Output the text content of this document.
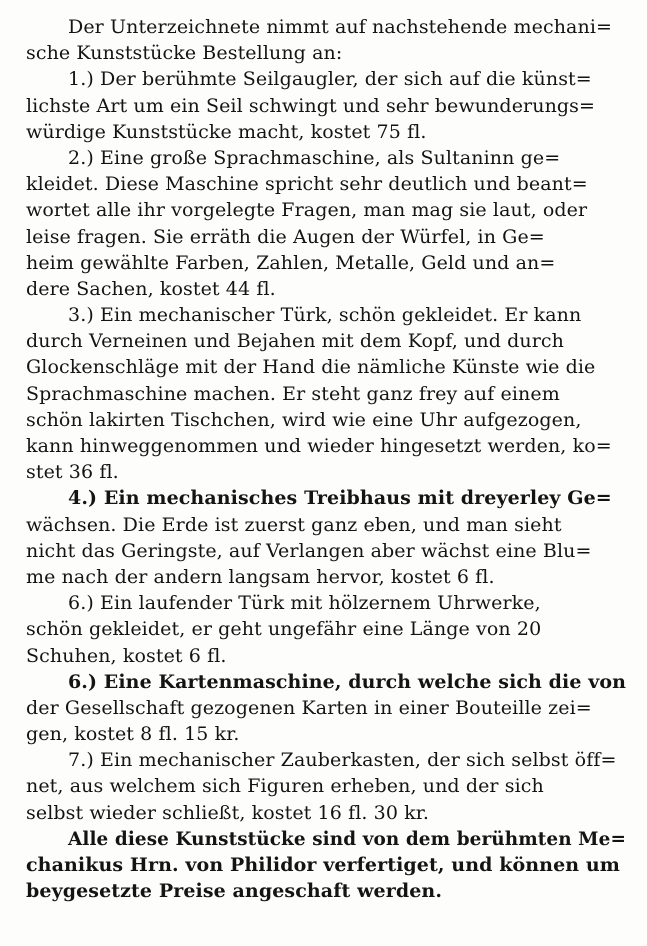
Der Unterzeichnete nimmt auf nachstehende mechani=
sche Kunststücke Bestellung an:
1.) Der berühmte Seilgaugler, der sich auf die künst=
lichste Art um ein Seil schwingt und sehr bewunderungs=
würdige Kunststücke macht, kostet 75 fl.
2.) Eine große Sprachmaschine, als Sultaninn ge=
kleidet. Diese Maschine spricht sehr deutlich und beant=
wortet alle ihr vorgelegte Fragen, man mag sie laut, oder
leise fragen. Sie erräth die Augen der Würfel, in Ge=
heim gewählte Farben, Zahlen, Metalle, Geld und an=
dere Sachen, kostet 44 fl.
3.) Ein mechanischer Türk, schön gekleidet. Er kann
durch Verneinen und Bejahen mit dem Kopf, und durch
Glockenschläge mit der Hand die nämliche Künste wie die
Sprachmaschine machen. Er steht ganz frey auf einem
schön lakirten Tischchen, wird wie eine Uhr aufgezogen,
kann hinweggenommen und wieder hingesetzt werden, ko=
stet 36 fl.
4.) Ein mechanisches Treibhaus mit dreyerley Ge=
wächsen. Die Erde ist zuerst ganz eben, und man sieht
nicht das Geringste, auf Verlangen aber wächst eine Blu=
me nach der andern langsam hervor, kostet 6 fl.
6.) Ein laufender Türk mit hölzernem Uhrwerke,
schön gekleidet, er geht ungefähr eine Länge von 20
Schuhen, kostet 6 fl.
6.) Eine Kartenmaschine, durch welche sich die von
der Gesellschaft gezogenen Karten in einer Bouteille zei=
gen, kostet 8 fl. 15 kr.
7.) Ein mechanischer Zauberkasten, der sich selbst öff=
net, aus welchem sich Figuren erheben, und der sich
selbst wieder schließt, kostet 16 fl. 30 kr.
Alle diese Kunststücke sind von dem berühmten Me=
chanikus Hrn. von Philidor verfertiget, und können um
beygesetzte Preise angeschaft werden.
